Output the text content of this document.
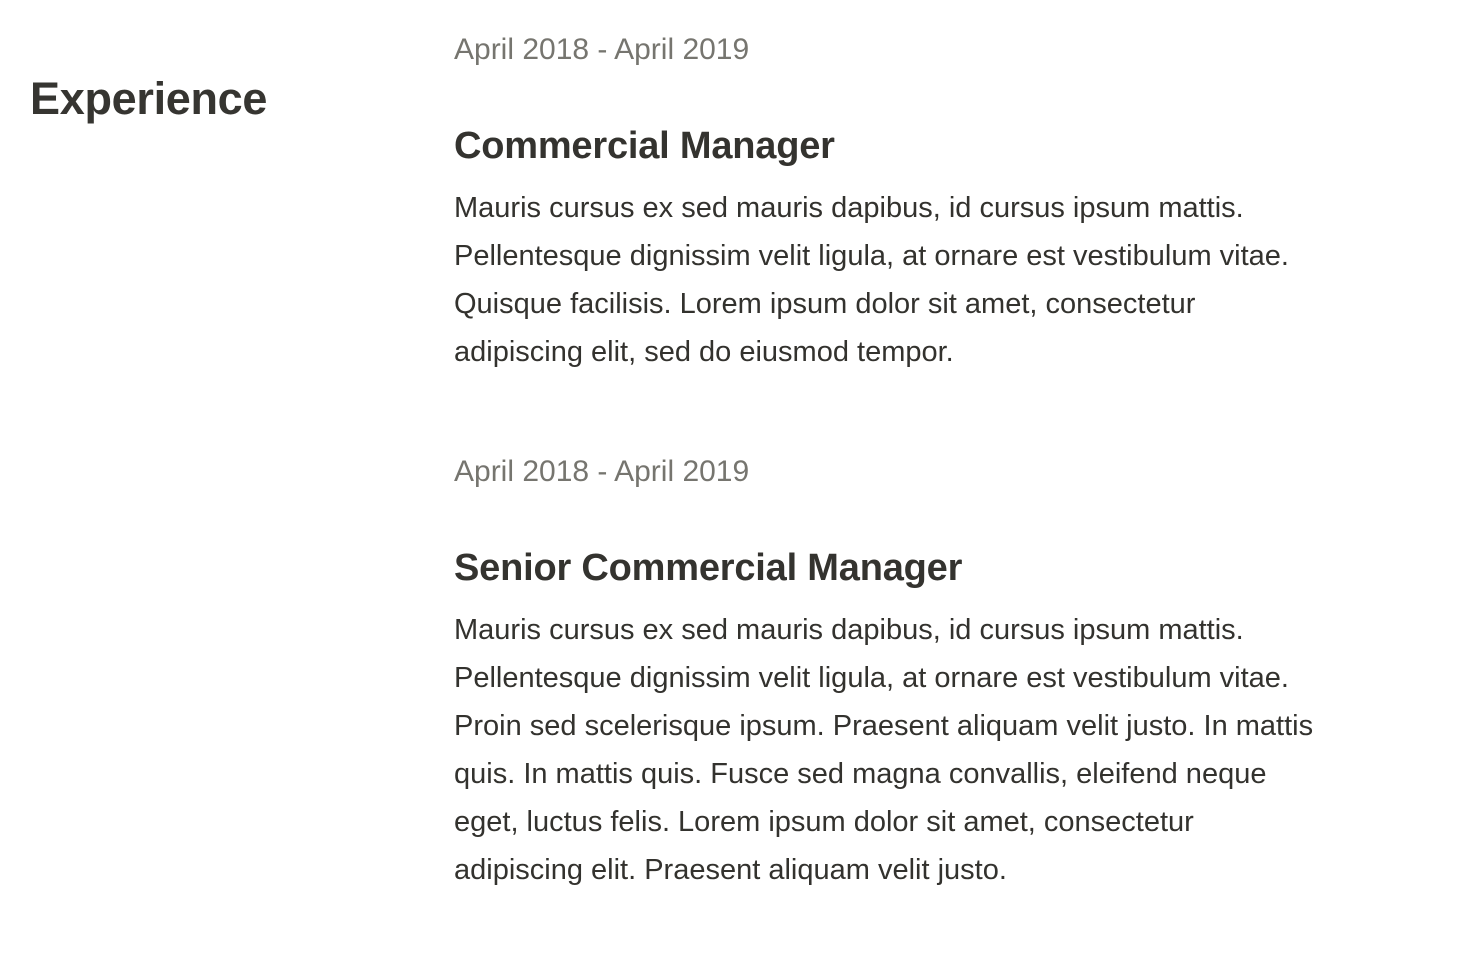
Experience
April 2018 - April 2019
Commercial Manager
Mauris cursus ex sed mauris dapibus, id cursus ipsum mattis.
Pellentesque dignissim velit ligula, at ornare est vestibulum vitae.
Quisque facilisis. Lorem ipsum dolor sit amet, consectetur
adipiscing elit, sed do eiusmod tempor.
April 2018 - April 2019
Senior Commercial Manager
Mauris cursus ex sed mauris dapibus, id cursus ipsum mattis.
Pellentesque dignissim velit ligula, at ornare est vestibulum vitae.
Proin sed scelerisque ipsum. Praesent aliquam velit justo. In mattis
quis. In mattis quis. Fusce sed magna convallis, eleifend neque
eget, luctus felis. Lorem ipsum dolor sit amet, consectetur
adipiscing elit. Praesent aliquam velit justo.
